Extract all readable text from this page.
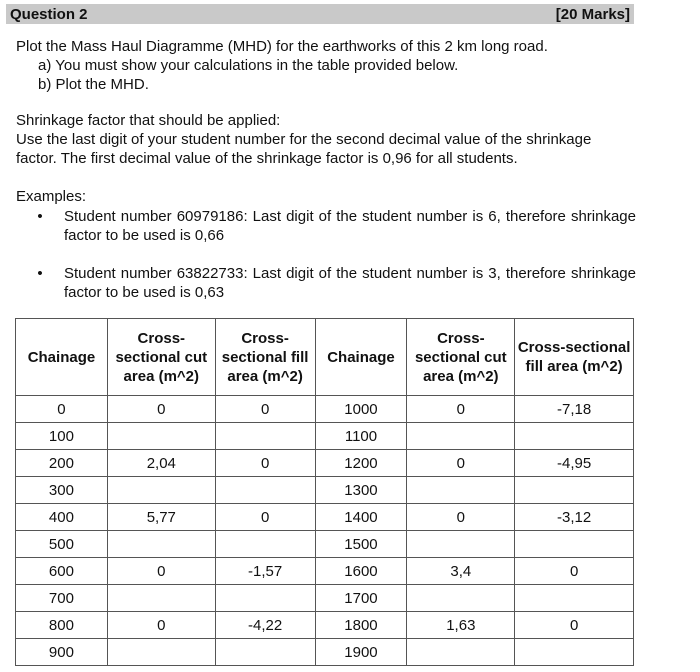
Question 2	[20 Marks]
Plot the Mass Haul Diagramme (MHD) for the earthworks of this 2 km long road.
a) You must show your calculations in the table provided below.
b) Plot the MHD.
Shrinkage factor that should be applied:
Use the last digit of your student number for the second decimal value of the shrinkage
factor. The first decimal value of the shrinkage factor is 0,96 for all students.
Examples:
•	Student number 60979186: Last digit of the student number is 6, therefore shrinkage factor to be used is 0,66
•	Student number 63822733: Last digit of the student number is 3, therefore shrinkage factor to be used is 0,63
Chainage	Cross-sectional cut area (m^2)	Cross-sectional fill area (m^2)	Chainage	Cross-sectional cut area (m^2)	Cross-sectional fill area (m^2)
0	0	0	1000	0	-7,18
100			1100		
200	2,04	0	1200	0	-4,95
300			1300		
400	5,77	0	1400	0	-3,12
500			1500		
600	0	-1,57	1600	3,4	0
700			1700		
800	0	-4,22	1800	1,63	0
900			1900		
